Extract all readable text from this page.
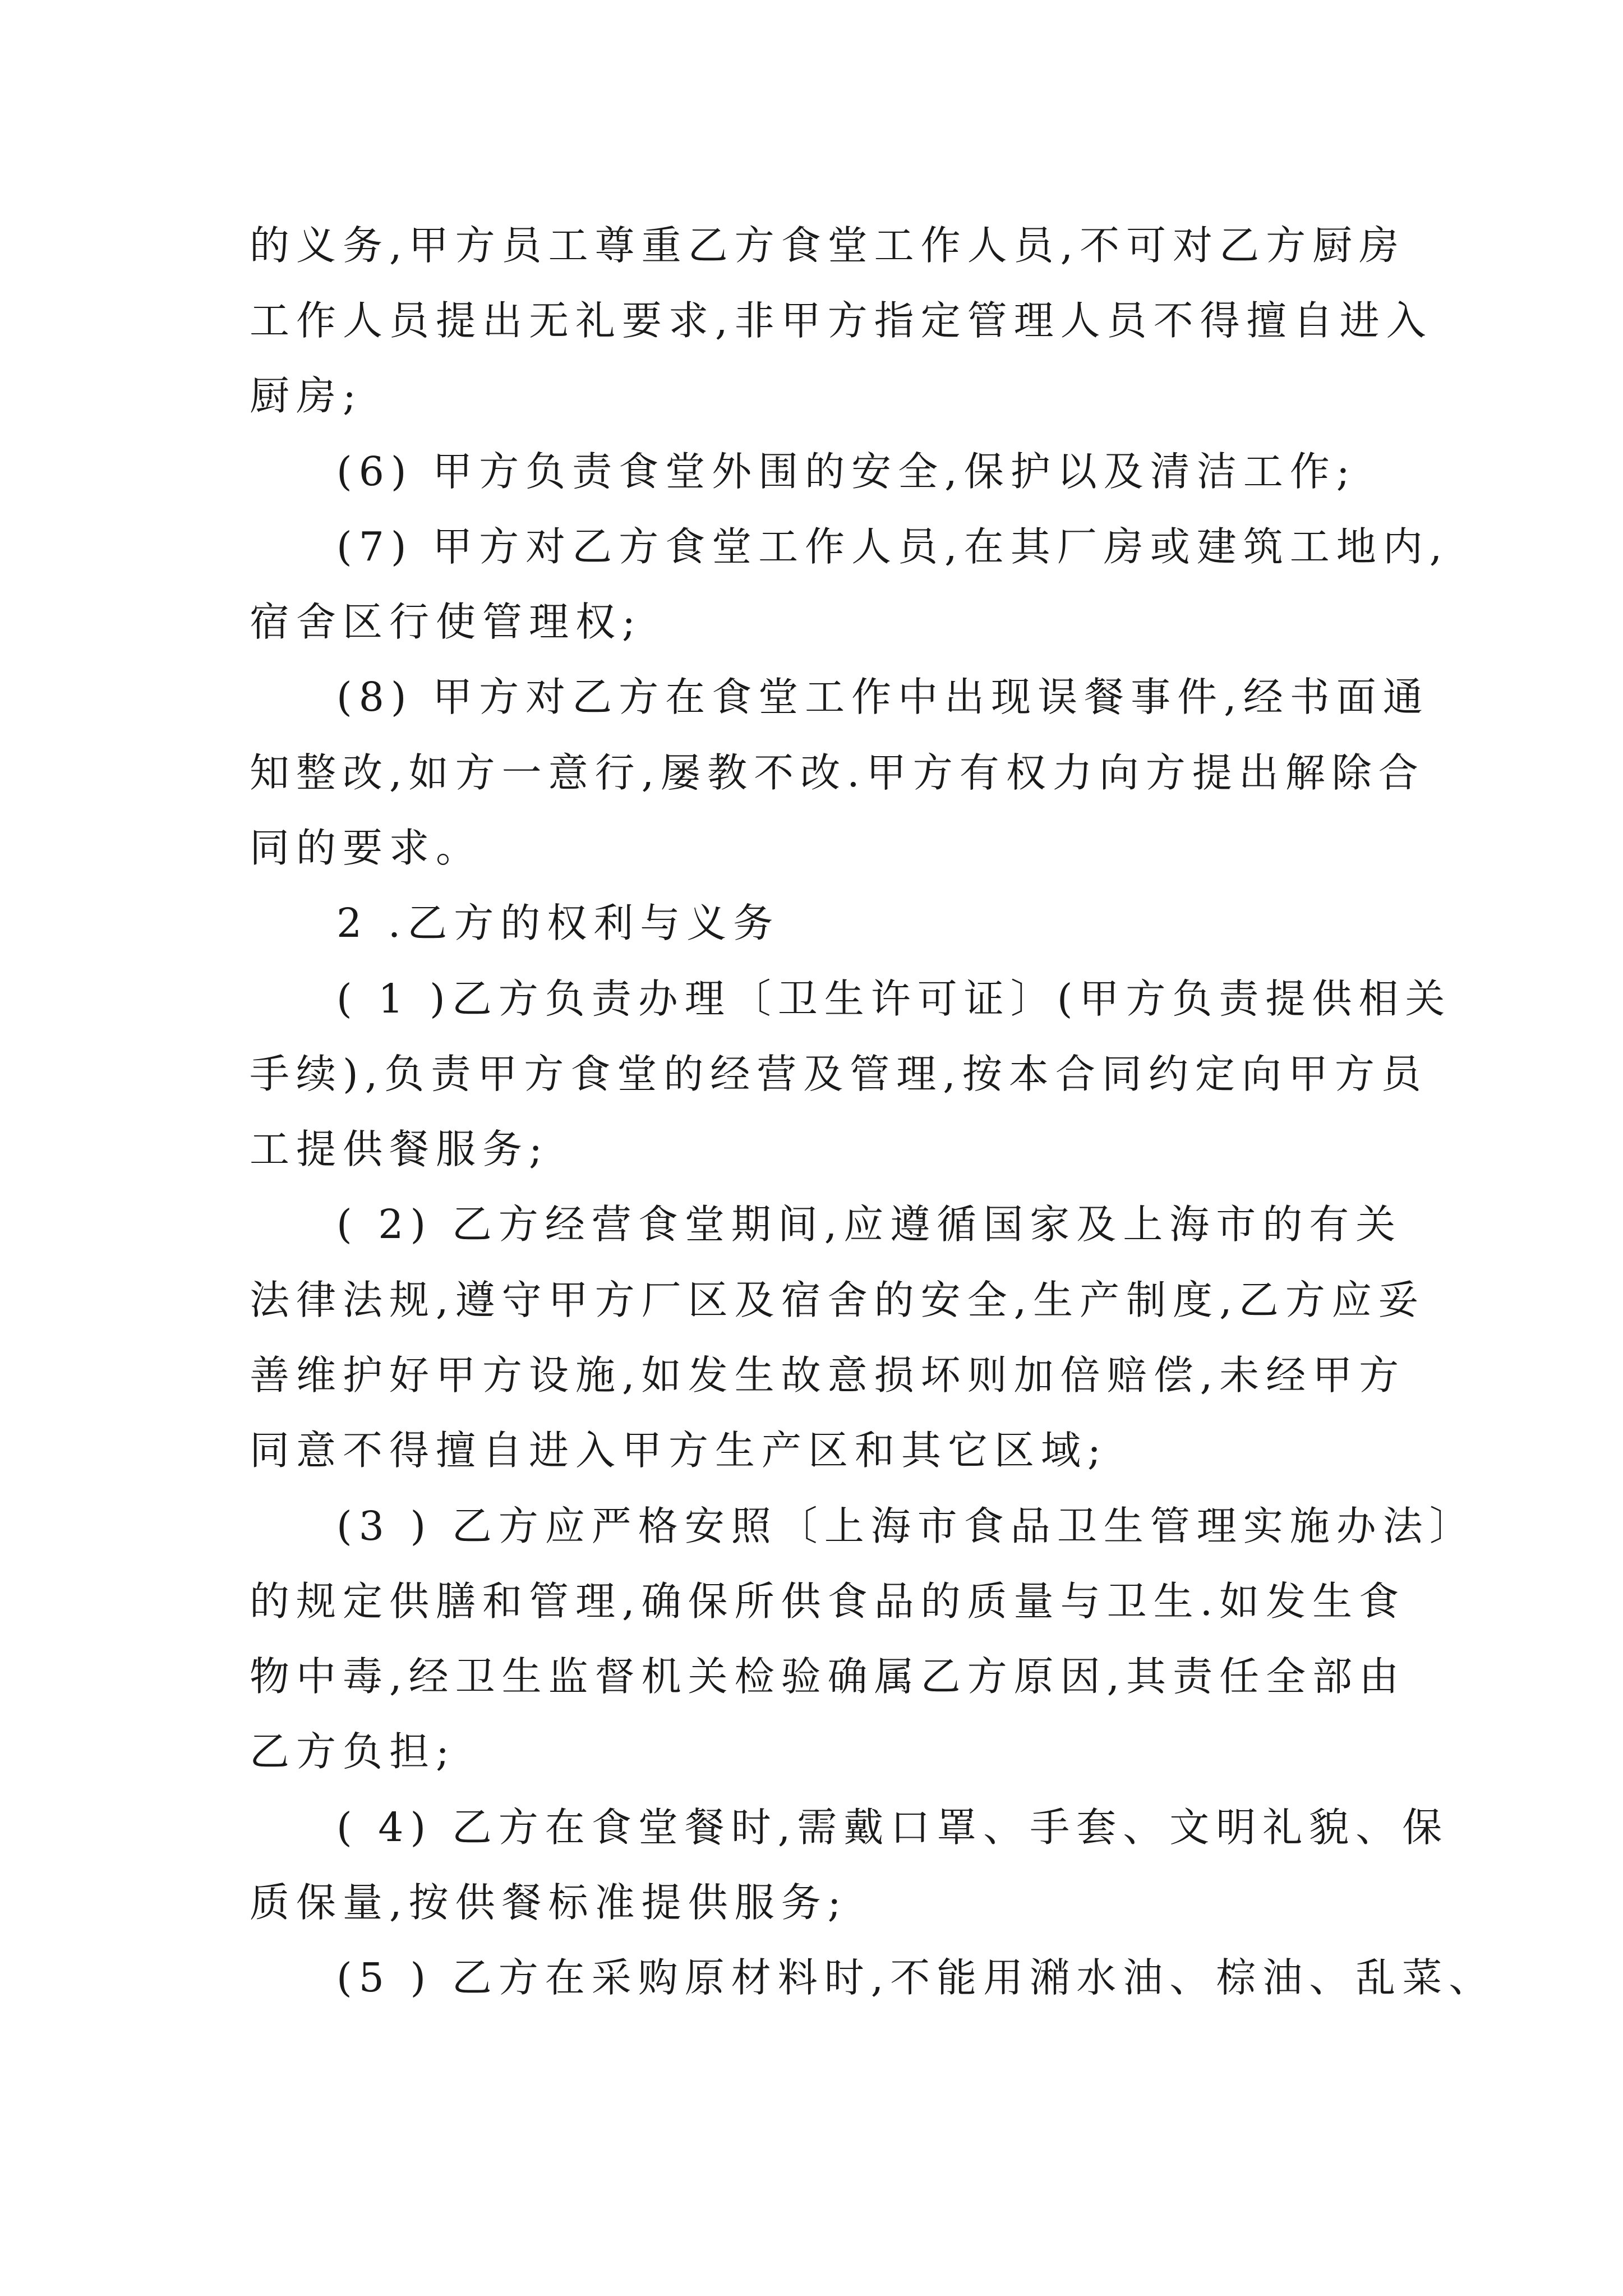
的义务,甲方员工尊重乙方食堂工作人员,不可对乙方厨房
工作人员提出无礼要求,非甲方指定管理人员不得擅自进入
厨房;
(6) 甲方负责食堂外围的安全,保护以及清洁工作;
(7) 甲方对乙方食堂工作人员,在其厂房或建筑工地内,
宿舍区行使管理权;
(8) 甲方对乙方在食堂工作中出现误餐事件,经书面通
知整改,如方一意行,屡教不改.甲方有权力向方提出解除合
同的要求。
2 .乙方的权利与义务
( 1 )乙方负责办理〔卫生许可证〕(甲方负责提供相关
手续),负责甲方食堂的经营及管理,按本合同约定向甲方员
工提供餐服务;
( 2) 乙方经营食堂期间,应遵循国家及上海市的有关
法律法规,遵守甲方厂区及宿舍的安全,生产制度,乙方应妥
善维护好甲方设施,如发生故意损坏则加倍赔偿,未经甲方
同意不得擅自进入甲方生产区和其它区域;
(3 ) 乙方应严格安照〔上海市食品卫生管理实施办法〕
的规定供膳和管理,确保所供食品的质量与卫生.如发生食
物中毒,经卫生监督机关检验确属乙方原因,其责任全部由
乙方负担;
( 4) 乙方在食堂餐时,需戴口罩、手套、文明礼貌、保
质保量,按供餐标准提供服务;
(5 ) 乙方在采购原材料时,不能用潲水油、棕油、乱菜、
